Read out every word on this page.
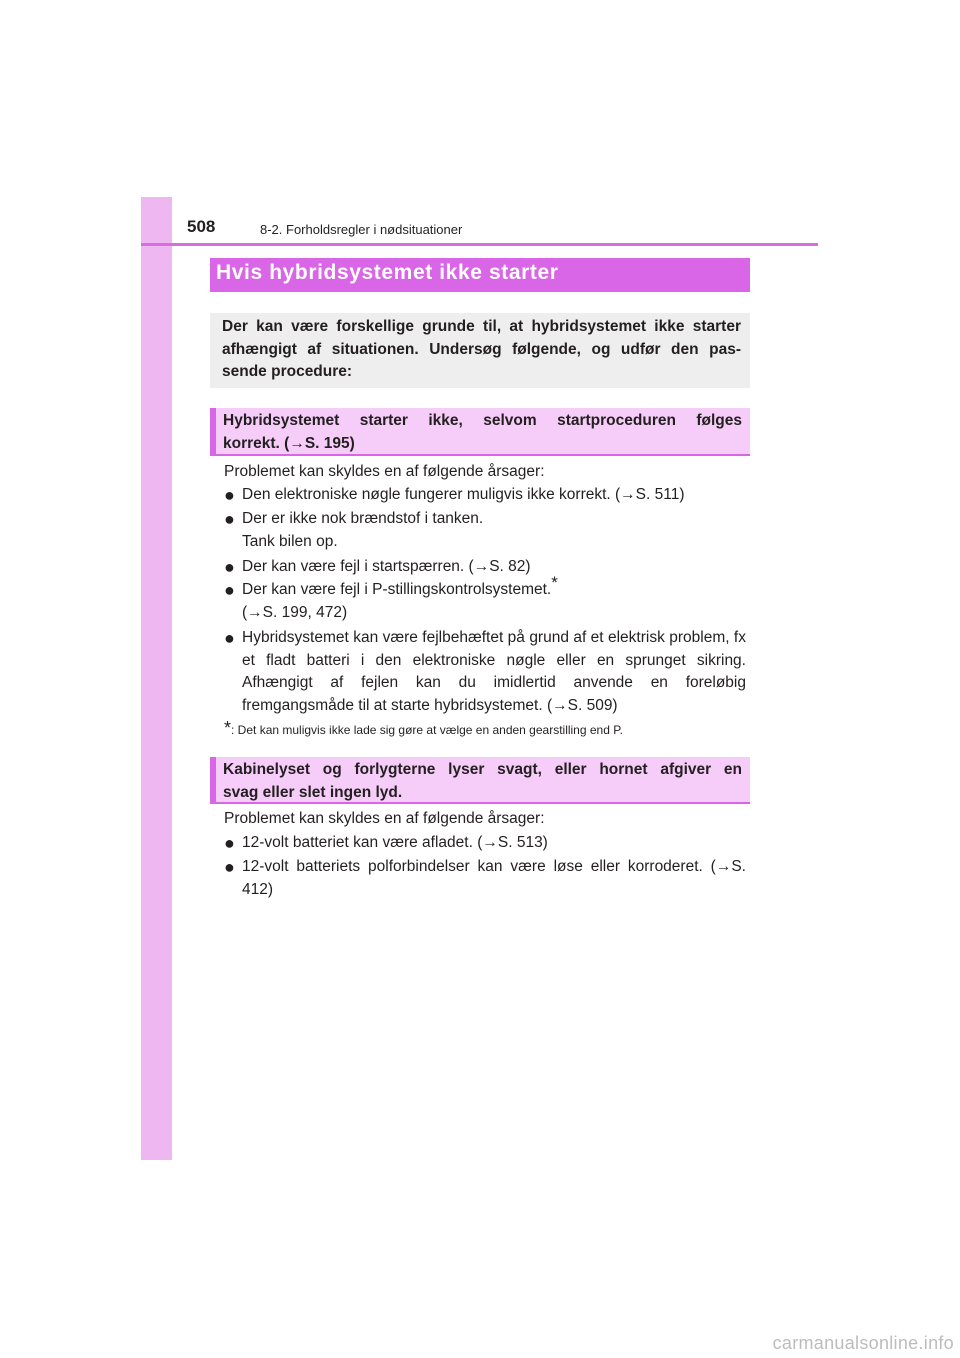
508	8-2. Forholdsregler i nødsituationer
Hvis hybridsystemet ikke starter
Der kan være forskellige grunde til, at hybridsystemet ikke starter
afhængigt af situationen. Undersøg følgende, og udfør den pas-
sende procedure:
Hybridsystemet starter ikke, selvom startproceduren følges
korrekt. (→S. 195)
Problemet kan skyldes en af følgende årsager:
● Den elektroniske nøgle fungerer muligvis ikke korrekt. (→S. 511)
● Der er ikke nok brændstof i tanken.
Tank bilen op.
● Der kan være fejl i startspærren. (→S. 82)
● Der kan være fejl i P-stillingskontrolsystemet.*
(→S. 199, 472)
● Hybridsystemet kan være fejlbehæftet på grund af et elektrisk problem, fx et fladt batteri i den elektroniske nøgle eller en sprunget sikring. Afhængigt af fejlen kan du imidlertid anvende en foreløbig fremgangsmåde til at starte hybridsystemet. (→S. 509)
*: Det kan muligvis ikke lade sig gøre at vælge en anden gearstilling end P.
Kabinelyset og forlygterne lyser svagt, eller hornet afgiver en
svag eller slet ingen lyd.
Problemet kan skyldes en af følgende årsager:
● 12-volt batteriet kan være afladet. (→S. 513)
● 12-volt batteriets polforbindelser kan være løse eller korroderet. (→S. 412)
carmanualsonline.info
